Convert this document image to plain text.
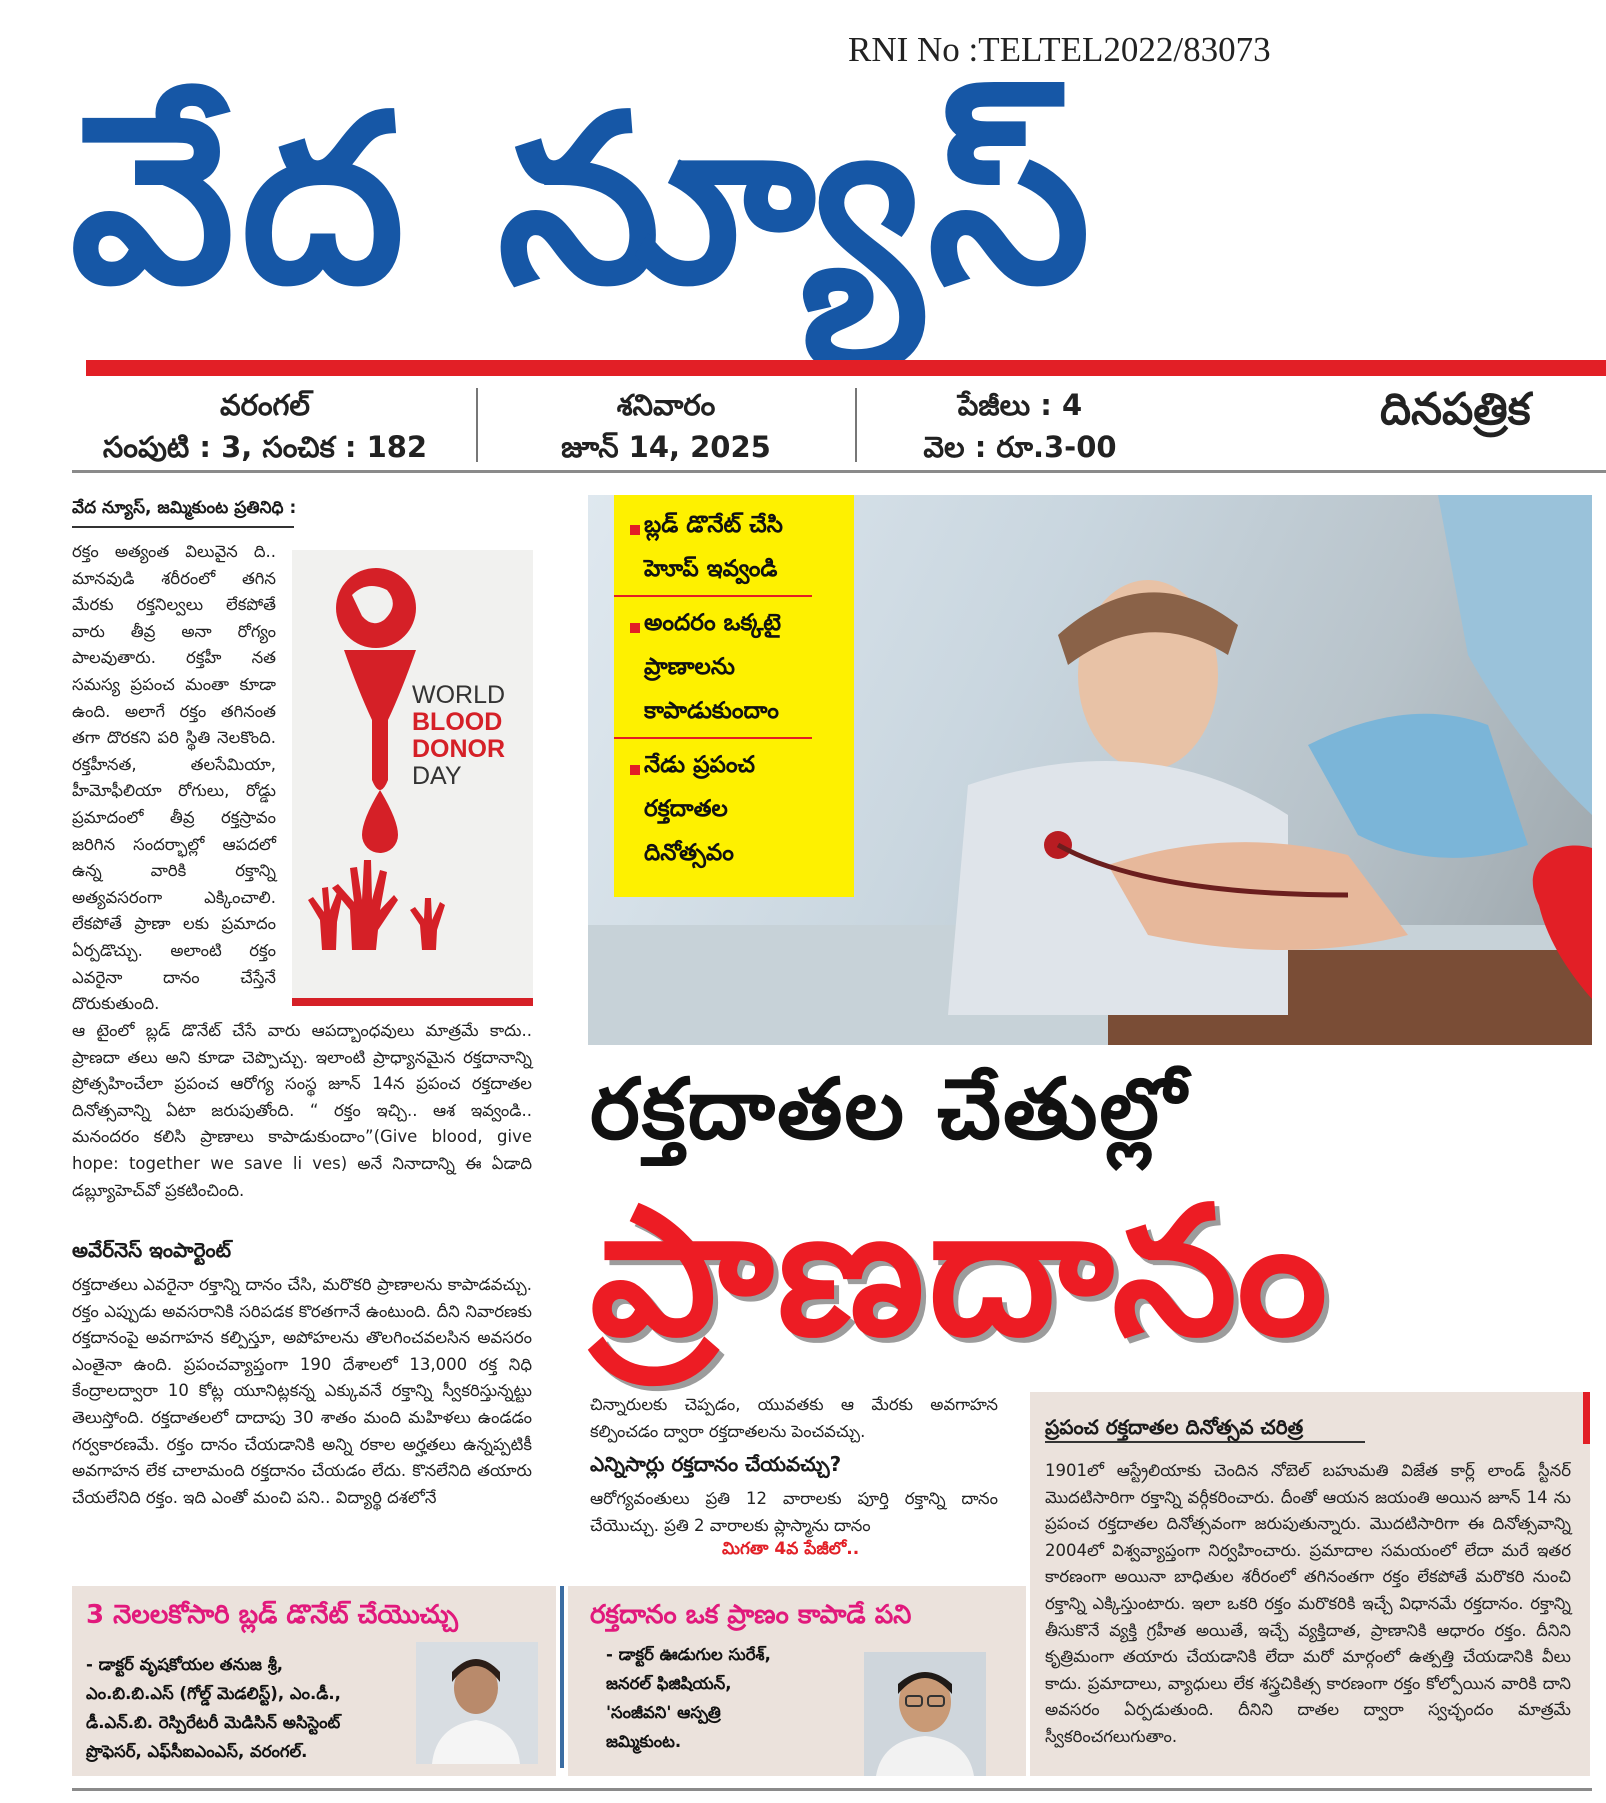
RNI No :TELTEL2022/83073
వేద న్యూస్
వరంగల్
సంపుటి : 3, సంచిక : 182
శనివారం
జూన్ 14, 2025
పేజీలు : 4
వెల : రూ.3-00
దినపత్రిక
వేద న్యూస్, జమ్మికుంట ప్రతినిధి :

రక్తం అత్యంత విలువైన ది.. మానవుడి శరీరంలో తగిన మేరకు రక్తనిల్వలు లేకపోతే వారు తీవ్ర అనా రోగ్యం పాలవుతారు. రక్తహీ నత సమస్య ప్రపంచ మంతా కూడా ఉంది. అలాగే రక్తం తగినంత తగా దొరకని పరి స్థితి నెలకొంది. రక్తహీనత, తలసేమియా, హీమోఫీలియా రోగులు, రోడ్డు ప్రమాదంలో తీవ్ర రక్తస్రావం జరిగిన సందర్భాల్లో ఆపదలో ఉన్న వారికి రక్తాన్ని అత్యవసరంగా ఎక్కించాలి. లేకపోతే ప్రాణా లకు ప్రమాదం ఏర్పడొచ్చు. అలాంటి రక్తం ఎవరైనా దానం చేస్తేనే దొరుకుతుంది.

WORLD
BLOOD
DONOR
DAY

ఆ టైంలో బ్లడ్ డొనేట్ చేసే వారు ఆపద్బాంధవులు మాత్రమే కాదు.. ప్రాణదా తలు అని కూడా చెప్పొచ్చు. ఇలాంటి ప్రాధ్యానమైన రక్తదానాన్ని ప్రోత్సహించేలా ప్రపంచ ఆరోగ్య సంస్థ జూన్ 14న ప్రపంచ రక్తదాతల దినోత్సవాన్ని ఏటా జరుపుతోంది. “ రక్తం ఇచ్చి.. ఆశ ఇవ్వండి.. మనందరం కలిసి ప్రాణాలు కాపాడుకుందాం”(Give blood, give hope: together we save li ves) అనే నినాదాన్ని ఈ ఏడాది డబ్ల్యూహెచ్‌వో ప్రకటించింది.

అవేర్‌నెస్ ఇంపార్టెంట్

రక్తదాతలు ఎవరైనా రక్తాన్ని దానం చేసి, మరొకరి ప్రాణాలను కాపాడవచ్చు. రక్తం ఎప్పుడు అవసరానికి సరిపడక కొరతగానే ఉంటుంది. దీని నివారణకు రక్తదానంపై అవగాహన కల్పిస్తూ, అపోహలను తొలగించవలసిన అవసరం ఎంతైనా ఉంది. ప్రపంచవ్యాప్తంగా 190 దేశాలలో 13,000 రక్త నిధి కేంద్రాలద్వారా 10 కోట్ల యూనిట్లకన్న ఎక్కువనే రక్తాన్ని స్వీకరిస్తున్నట్టు తెలుస్తోంది. రక్తదాతలలో దాదాపు 30 శాతం మంది మహిళలు ఉండడం గర్వకారణమే. రక్తం దానం చేయడానికి అన్ని రకాల అర్హతలు ఉన్నప్పటికీ అవగాహన లేక చాలామంది రక్తదానం చేయడం లేదు. కొనలేనిది తయారు చేయలేనిది రక్తం. ఇది ఎంతో మంచి పని.. విద్యార్థి దశలోనే

బ్లడ్ డొనేట్ చేసి
హెూప్ ఇవ్వండి
అందరం ఒక్కటై
ప్రాణాలను
కాపాడుకుందాం
నేడు ప్రపంచ
రక్తదాతల
దినోత్సవం
రక్తదాతల చేతుల్లో
ప్రాణదానం

చిన్నారులకు చెప్పడం, యువతకు ఆ మేరకు అవగాహన కల్పించడం ద్వారా రక్తదాతలను పెంచవచ్చు.

ఎన్నిసార్లు రక్తదానం చేయవచ్చు?

ఆరోగ్యవంతులు ప్రతి 12 వారాలకు పూర్తి రక్తాన్ని దానం చేయొచ్చు. ప్రతి 2 వారాలకు ప్లాస్మాను దానం

మిగతా 4వ పేజీలో..
ప్రపంచ రక్తదాతల దినోత్సవ చరిత్ర

1901లో ఆస్ట్రేలియాకు చెందిన నోబెల్ బహుమతి విజేత కార్ల్ లాండ్ స్టీనర్ మొదటిసారిగా రక్తాన్ని వర్గీకరించారు. దీంతో ఆయన జయంతి అయిన జూన్ 14 ను ప్రపంచ రక్తదాతల దినోత్సవంగా జరుపుతున్నారు. మొదటిసారిగా ఈ దినోత్సవాన్ని 2004లో విశ్వవ్యాప్తంగా నిర్వహించారు. ప్రమాదాల సమయంలో లేదా మరే ఇతర కారణంగా అయినా బాధితుల శరీరంలో తగినంతగా రక్తం లేకపోతే మరొకరి నుంచి రక్తాన్ని ఎక్కిస్తుంటారు. ఇలా ఒకరి రక్తం మరొకరికి ఇచ్చే విధానమే రక్తదానం. రక్తాన్ని తీసుకొనే వ్యక్తి గ్రహీత అయితే, ఇచ్చే వ్యక్తిదాత, ప్రాణానికి ఆధారం రక్తం. దీనిని కృత్రిమంగా తయారు చేయడానికి లేదా మరో మార్గంలో ఉత్పత్తి చేయడానికి వీలు కాదు. ప్రమాదాలు, వ్యాధులు లేక శస్త్రచికిత్స కారణంగా రక్తం కోల్పోయిన వారికి దాని అవసరం ఏర్పడుతుంది. దీనిని దాతల ద్వారా స్వచ్ఛందం మాత్రమే స్వీకరించగలుగుతాం.

3 నెలలకోసారి బ్లడ్ డొనేట్ చేయొచ్చు

- డాక్టర్ వృషకోయల తనుజ శ్రీ,

ఎం.బి.బి.ఎస్ (గోల్డ్ మెడలిస్ట్), ఎం.డీ.,

డీ.ఎన్.బి. రెస్పిరేటరీ మెడిసిన్ అసిస్టెంట్

ప్రొఫెసర్, ఎఫ్‌సీఐఎంఎస్, వరంగల్.

రక్తదానం ఒక ప్రాణం కాపాడే పని

- డాక్టర్ ఊడుగుల సురేశ్,

జనరల్ ఫిజిషియన్,

'సంజీవని' ఆస్పత్రి

జమ్మికుంట.
